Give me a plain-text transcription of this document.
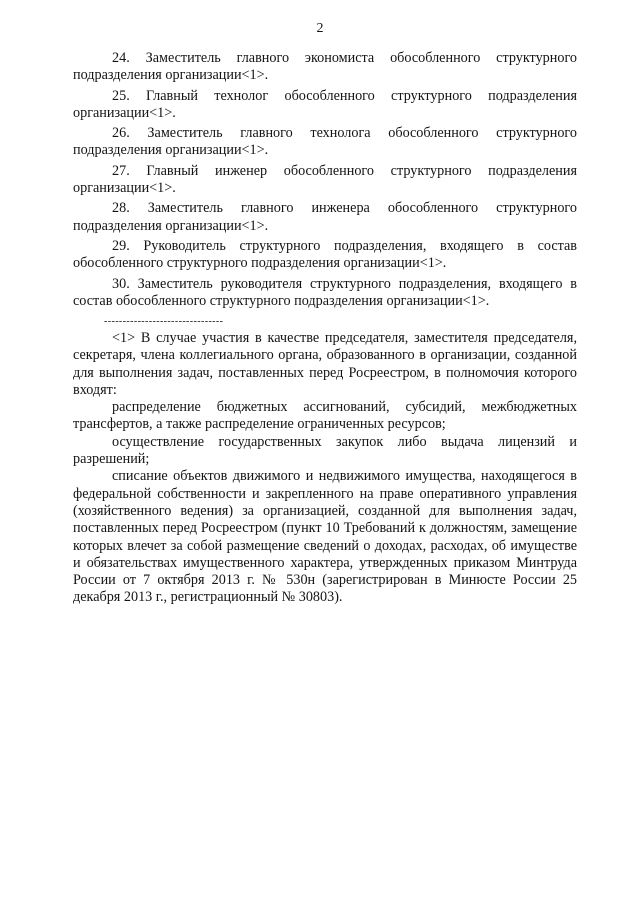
2

24. Заместитель главного экономиста обособленного структурного подразделения организации<1>.

25. Главный технолог обособленного структурного подразделения организации<1>.

26. Заместитель главного технолога обособленного структурного подразделения организации<1>.

27. Главный инженер обособленного структурного подразделения организации<1>.

28. Заместитель главного инженера обособленного структурного подразделения организации<1>.

29. Руководитель структурного подразделения, входящего в состав обособленного структурного подразделения организации<1>.

30. Заместитель руководителя структурного подразделения, входящего в состав обособленного структурного подразделения организации<1>.

--------------------------------

<1> В случае участия в качестве председателя, заместителя председателя, секретаря, члена коллегиального органа, образованного в организации, созданной для выполнения задач, поставленных перед Росреестром, в полномочия которого входят:

распределение бюджетных ассигнований, субсидий, межбюджетных трансфертов, а также распределение ограниченных ресурсов;

осуществление государственных закупок либо выдача лицензий и разрешений;

списание объектов движимого и недвижимого имущества, находящегося в федеральной собственности и закрепленного на праве оперативного управления (хозяйственного ведения) за организацией, созданной для выполнения задач, поставленных перед Росреестром (пункт 10 Требований к должностям, замещение которых влечет за собой размещение сведений о доходах, расходах, об имуществе и обязательствах имущественного характера, утвержденных приказом Минтруда России от 7 октября 2013 г. № 530н (зарегистрирован в Минюсте России 25 декабря 2013 г., регистрационный № 30803).
